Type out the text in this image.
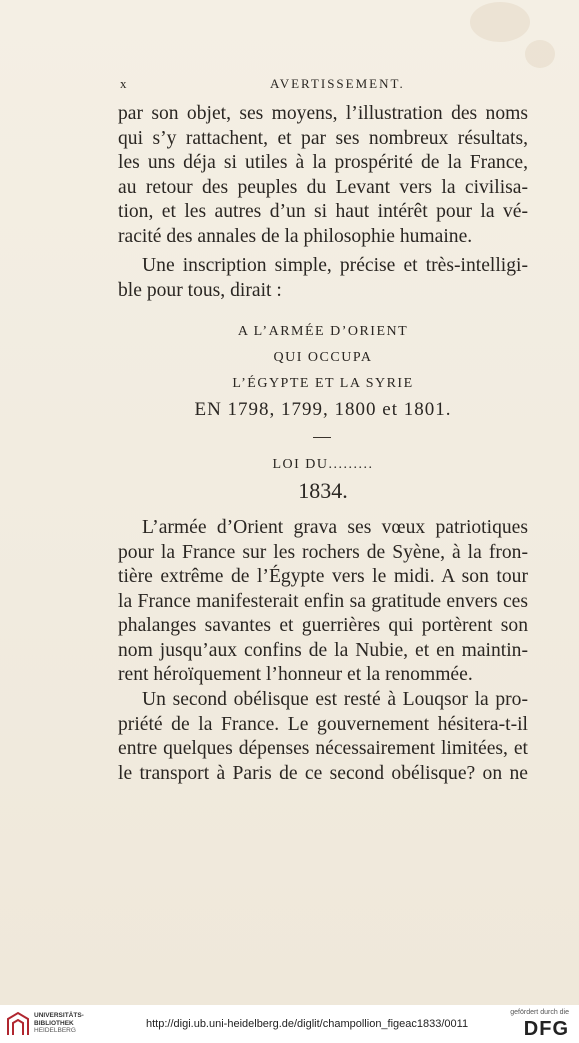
x	AVERTISSEMENT.

par son objet, ses moyens, l’illustration des noms
qui s’y rattachent, et par ses nombreux résultats,
les uns déja si utiles à la prospérité de la France,
au retour des peuples du Levant vers la civilisa-
tion, et les autres d’un si haut intérêt pour la vé-
racité des annales de la philosophie humaine.

Une inscription simple, précise et très-intelligi-
ble pour tous, dirait :

A L’ARMÉE D’ORIENT
QUI OCCUPA
L’ÉGYPTE ET LA SYRIE
EN 1798, 1799, 1800 et 1801.
LOI DU.........
1834.

L’armée d’Orient grava ses vœux patriotiques
pour la France sur les rochers de Syène, à la fron-
tière extrême de l’Égypte vers le midi. A son tour
la France manifesterait enfin sa gratitude envers ces
phalanges savantes et guerrières qui portèrent son
nom jusqu’aux confins de la Nubie, et en maintin-
rent héroïquement l’honneur et la renommée.

Un second obélisque est resté à Louqsor la pro-
priété de la France. Le gouvernement hésitera-t-il
entre quelques dépenses nécessairement limitées, et
le transport à Paris de ce second obélisque? on ne

UNIVERSITÄTS-
BIBLIOTHEK
HEIDELBERG
http://digi.ub.uni-heidelberg.de/diglit/champollion_figeac1833/0011
gefördert durch die
DFG
